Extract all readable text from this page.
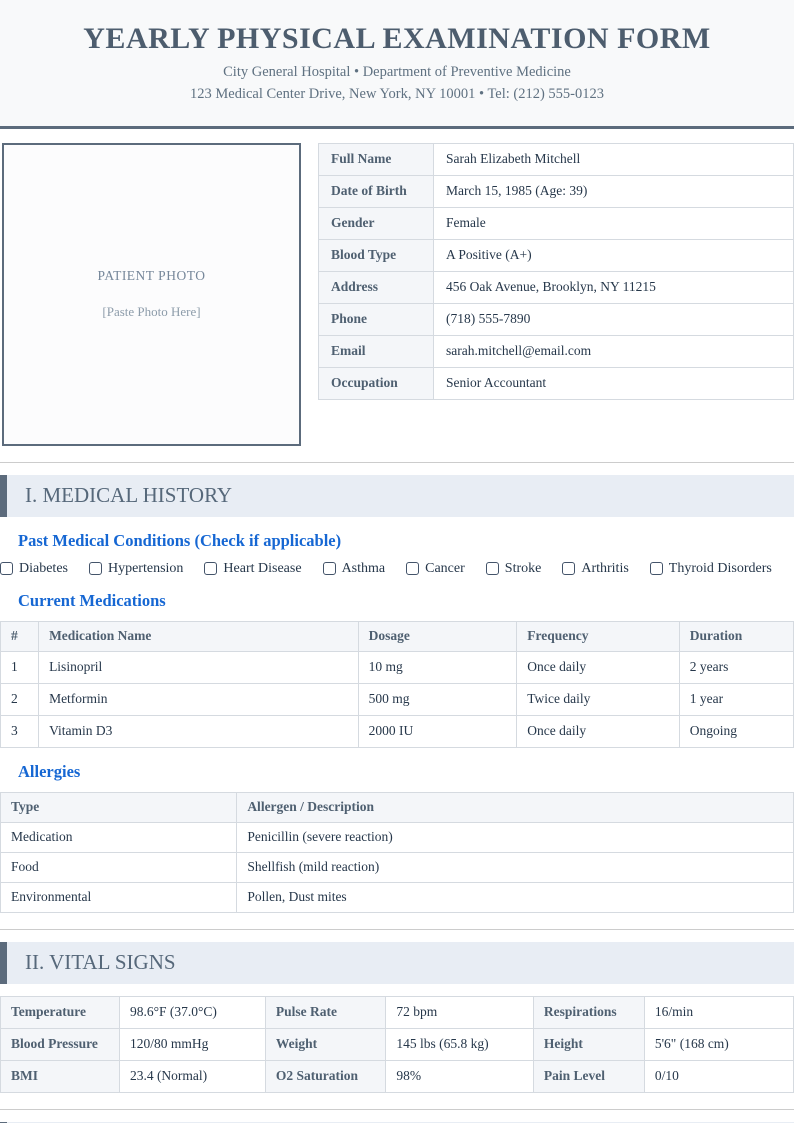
YEARLY PHYSICAL EXAMINATION FORM
City General Hospital • Department of Preventive Medicine
123 Medical Center Drive, New York, NY 10001 • Tel: (212) 555-0123
PATIENT PHOTO
[Paste Photo Here]
Full Name	Sarah Elizabeth Mitchell
Date of Birth	March 15, 1985 (Age: 39)
Gender	Female
Blood Type	A Positive (A+)
Address	456 Oak Avenue, Brooklyn, NY 11215
Phone	(718) 555-7890
Email	sarah.mitchell@email.com
Occupation	Senior Accountant
I. MEDICAL HISTORY
Past Medical Conditions (Check if applicable)
Diabetes	Hypertension	Heart Disease	Asthma	Cancer	Stroke	Arthritis	Thyroid Disorders
Current Medications
#	Medication Name	Dosage	Frequency	Duration
1	Lisinopril	10 mg	Once daily	2 years
2	Metformin	500 mg	Twice daily	1 year
3	Vitamin D3	2000 IU	Once daily	Ongoing
Allergies
Type	Allergen / Description
Medication	Penicillin (severe reaction)
Food	Shellfish (mild reaction)
Environmental	Pollen, Dust mites
II. VITAL SIGNS
Temperature	98.6°F (37.0°C)	Pulse Rate	72 bpm	Respirations	16/min
Blood Pressure	120/80 mmHg	Weight	145 lbs (65.8 kg)	Height	5'6" (168 cm)
BMI	23.4 (Normal)	O2 Saturation	98%	Pain Level	0/10
